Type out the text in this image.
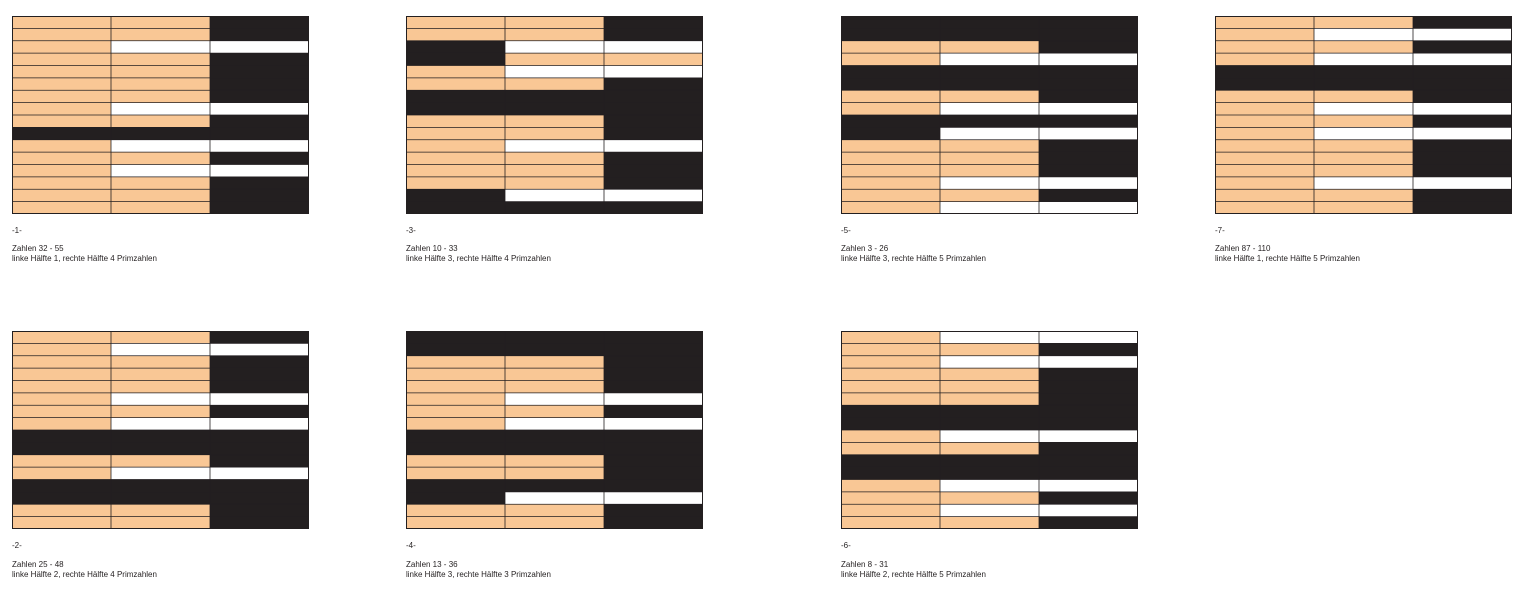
-1-
Zahlen 32 - 55
linke Hälfte 1, rechte Hälfte 4 Primzahlen
-3-
Zahlen 10 - 33
linke Hälfte 3, rechte Hälfte 4 Primzahlen
-5-
Zahlen 3 - 26
linke Hälfte 3, rechte Hälfte 5 Primzahlen
-7-
Zahlen 87 - 110
linke Hälfte 1, rechte Hälfte 5 Primzahlen
-2-
Zahlen 25 - 48
linke Hälfte 2, rechte Hälfte 4 Primzahlen
-4-
Zahlen 13 - 36
linke Hälfte 3, rechte Hälfte 3 Primzahlen
-6-
Zahlen 8 - 31
linke Hälfte 2, rechte Hälfte 5 Primzahlen
